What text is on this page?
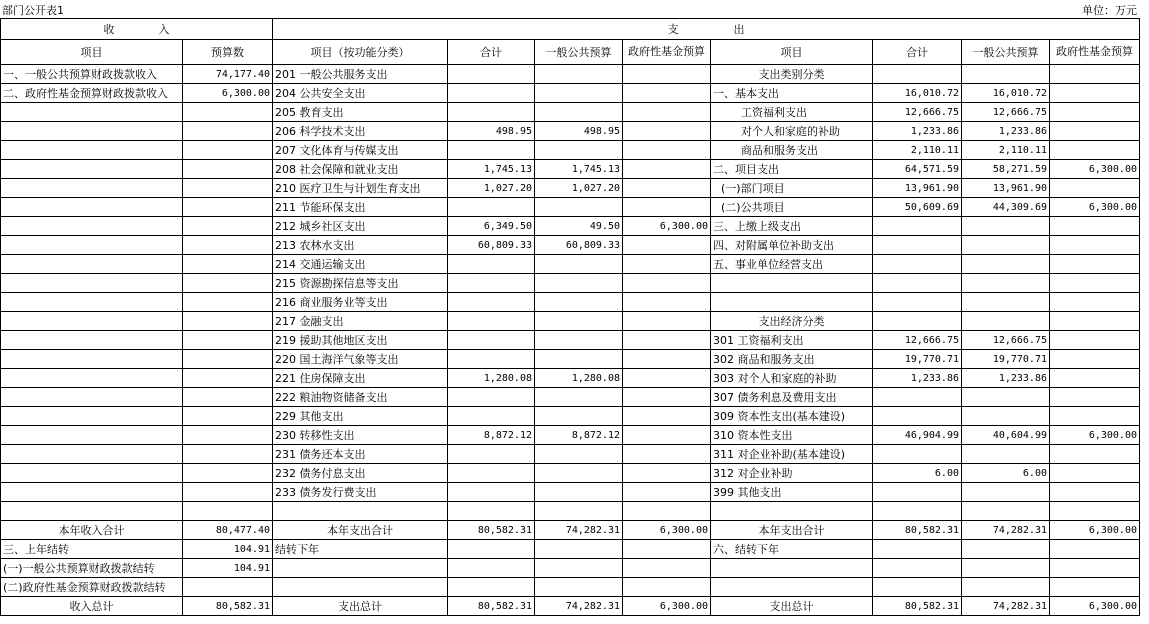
部门公开表1	单位：万元
收　　　　入		支　　　　　出							
项目	预算数	项目（按功能分类）	合计	一般公共预算	政府性基金预算	项目	合计	一般公共预算	政府性基金预算
一、一般公共预算财政拨款收入	74,177.40	201 一般公共服务支出				支出类别分类			
二、政府性基金预算财政拨款收入	6,300.00	204 公共安全支出				一、基本支出	16,010.72	16,010.72	
		205 教育支出				工资福利支出	12,666.75	12,666.75	
		206 科学技术支出	498.95	498.95		对个人和家庭的补助	1,233.86	1,233.86	
		207 文化体育与传媒支出				商品和服务支出	2,110.11	2,110.11	
		208 社会保障和就业支出	1,745.13	1,745.13		二、项目支出	64,571.59	58,271.59	6,300.00
		210 医疗卫生与计划生育支出	1,027.20	1,027.20		(一)部门项目	13,961.90	13,961.90	
		211 节能环保支出				(二)公共项目	50,609.69	44,309.69	6,300.00
		212 城乡社区支出	6,349.50	49.50	6,300.00	三、上缴上级支出			
		213 农林水支出	60,809.33	60,809.33		四、对附属单位补助支出			
		214 交通运输支出				五、事业单位经营支出			
		215 资源勘探信息等支出							
		216 商业服务业等支出							
		217 金融支出				支出经济分类			
		219 援助其他地区支出				301 工资福利支出	12,666.75	12,666.75	
		220 国土海洋气象等支出				302 商品和服务支出	19,770.71	19,770.71	
		221 住房保障支出	1,280.08	1,280.08		303 对个人和家庭的补助	1,233.86	1,233.86	
		222 粮油物资储备支出				307 债务利息及费用支出			
		229 其他支出				309 资本性支出(基本建设)			
		230 转移性支出	8,872.12	8,872.12		310 资本性支出	46,904.99	40,604.99	6,300.00
		231 债务还本支出				311 对企业补助(基本建设)			
		232 债务付息支出				312 对企业补助	6.00	6.00	
		233 债务发行费支出				399 其他支出			

本年收入合计	80,477.40	本年支出合计	80,582.31	74,282.31	6,300.00	本年支出合计	80,582.31	74,282.31	6,300.00
三、上年结转	104.91	结转下年				六、结转下年			
(一)一般公共预算财政拨款结转	104.91								
(二)政府性基金预算财政拨款结转									
收入总计	80,582.31	支出总计	80,582.31	74,282.31	6,300.00	支出总计	80,582.31	74,282.31	6,300.00
